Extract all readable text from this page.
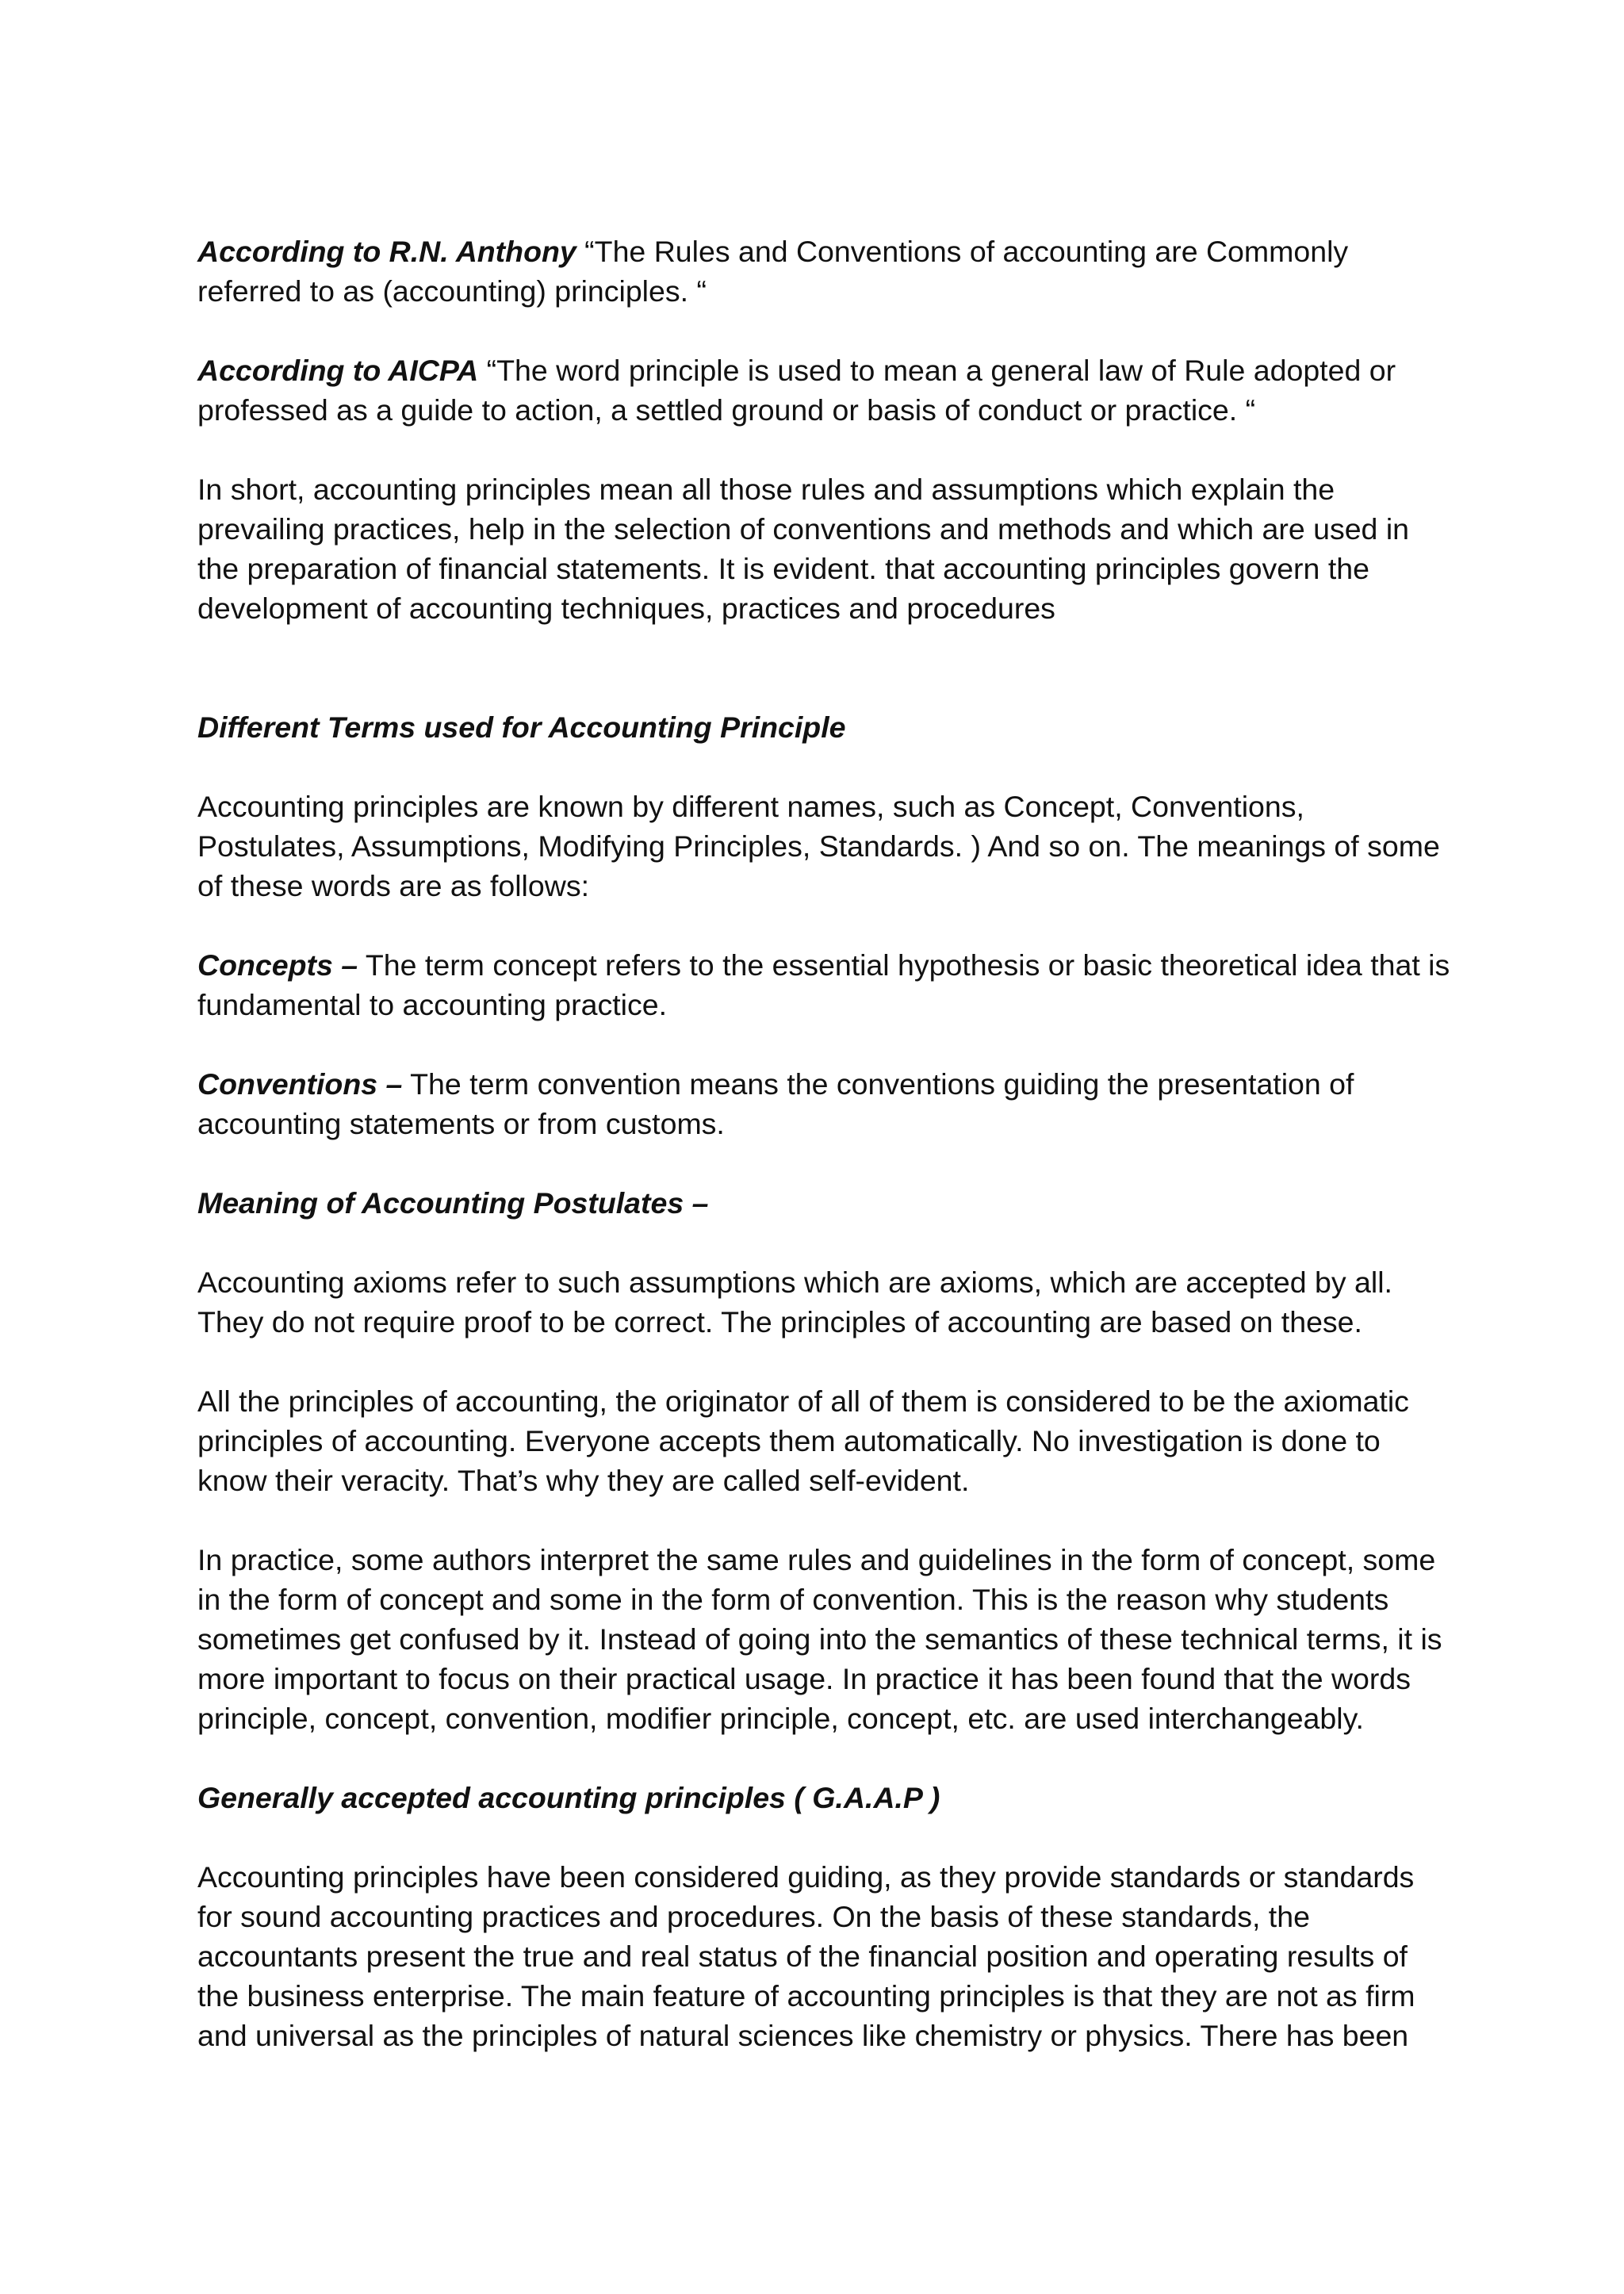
According to R.N. Anthony “The Rules and Conventions of accounting are Commonly referred to as (accounting) principles. “

According to AICPA “The word principle is used to mean a general law of Rule adopted or professed as a guide to action, a settled ground or basis of conduct or practice. “

In short, accounting principles mean all those rules and assumptions which explain the prevailing practices, help in the selection of conventions and methods and which are used in the preparation of financial statements. It is evident. that accounting principles govern the development of accounting techniques, practices and procedures

Different Terms used for Accounting Principle

Accounting principles are known by different names, such as Concept, Conventions, Postulates, Assumptions, Modifying Principles, Standards. ) And so on. The meanings of some of these words are as follows:

Concepts – The term concept refers to the essential hypothesis or basic theoretical idea that is fundamental to accounting practice.

Conventions – The term convention means the conventions guiding the presentation of accounting statements or from customs.

Meaning of Accounting Postulates –

Accounting axioms refer to such assumptions which are axioms, which are accepted by all. They do not require proof to be correct. The principles of accounting are based on these.

All the principles of accounting, the originator of all of them is considered to be the axiomatic principles of accounting. Everyone accepts them automatically. No investigation is done to know their veracity. That’s why they are called self-evident.

In practice, some authors interpret the same rules and guidelines in the form of concept, some in the form of concept and some in the form of convention. This is the reason why students sometimes get confused by it. Instead of going into the semantics of these technical terms, it is more important to focus on their practical usage. In practice it has been found that the words principle, concept, convention, modifier principle, concept, etc. are used interchangeably.

Generally accepted accounting principles ( G.A.A.P )

Accounting principles have been considered guiding, as they provide standards or standards for sound accounting practices and procedures. On the basis of these standards, the accountants present the true and real status of the financial position and operating results of the business enterprise. The main feature of accounting principles is that they are not as firm and universal as the principles of natural sciences like chemistry or physics. There has been
